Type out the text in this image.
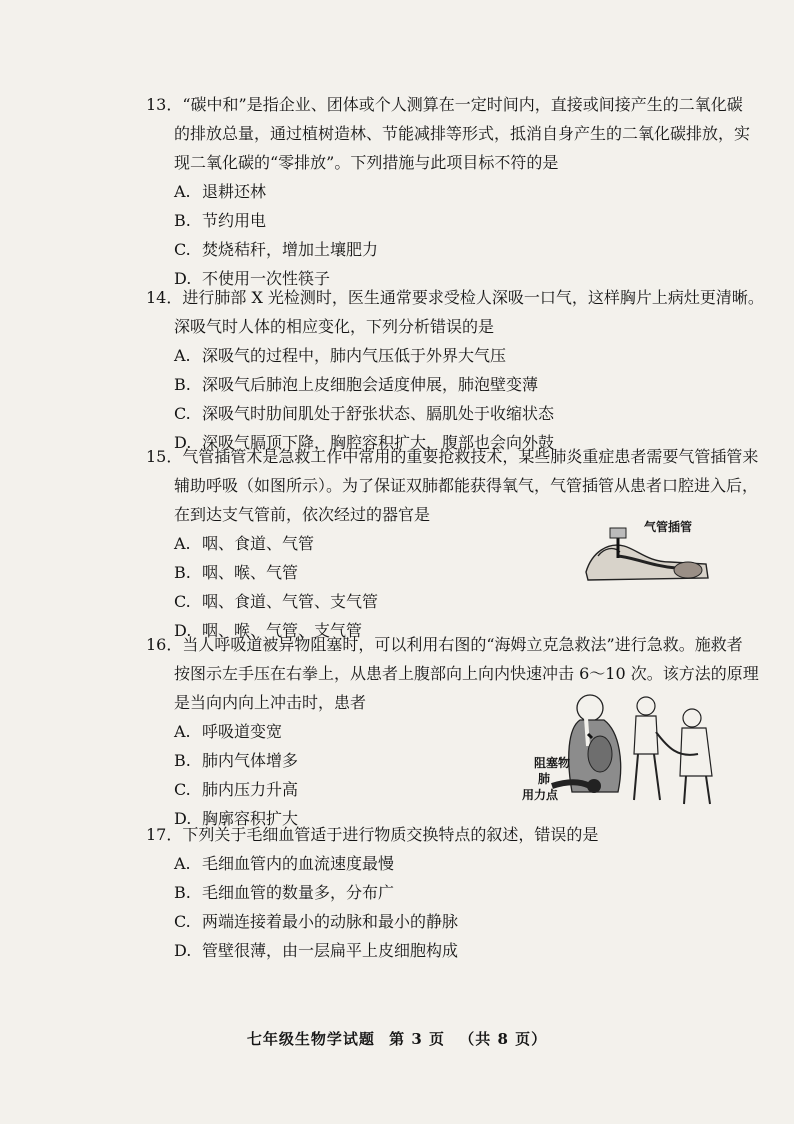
13．“碳中和”是指企业、团体或个人测算在一定时间内，直接或间接产生的二氧化碳
的排放总量，通过植树造林、节能减排等形式，抵消自身产生的二氧化碳排放，实
现二氧化碳的“零排放”。下列措施与此项目标不符的是
A. 退耕还林
B. 节约用电
C. 焚烧秸秆，增加土壤肥力
D. 不使用一次性筷子
14．进行肺部 X 光检测时，医生通常要求受检人深吸一口气，这样胸片上病灶更清晰。
深吸气时人体的相应变化，下列分析错误的是
A. 深吸气的过程中，肺内气压低于外界大气压
B. 深吸气后肺泡上皮细胞会适度伸展，肺泡壁变薄
C. 深吸气时肋间肌处于舒张状态、膈肌处于收缩状态
D. 深吸气膈顶下降，胸腔容积扩大，腹部也会向外鼓
15．气管插管术是急救工作中常用的重要抢救技术，某些肺炎重症患者需要气管插管来
辅助呼吸（如图所示）。为了保证双肺都能获得氧气，气管插管从患者口腔进入后，
在到达支气管前，依次经过的器官是
A. 咽、食道、气管
B. 咽、喉、气管
C. 咽、食道、气管、支气管
D. 咽、喉、气管、支气管
气管插管
16．当人呼吸道被异物阻塞时，可以利用右图的“海姆立克急救法”进行急救。施救者
按图示左手压在右拳上，从患者上腹部向上向内快速冲击 6～10 次。该方法的原理
是当向内向上冲击时，患者
A. 呼吸道变宽
B. 肺内气体增多
C. 肺内压力升高
D. 胸廓容积扩大
阻塞物
肺
用力点
17．下列关于毛细血管适于进行物质交换特点的叙述，错误的是
A. 毛细血管内的血流速度最慢
B. 毛细血管的数量多，分布广
C. 两端连接着最小的动脉和最小的静脉
D. 管壁很薄，由一层扁平上皮细胞构成
七年级生物学试题 第 3 页 （共 8 页）
